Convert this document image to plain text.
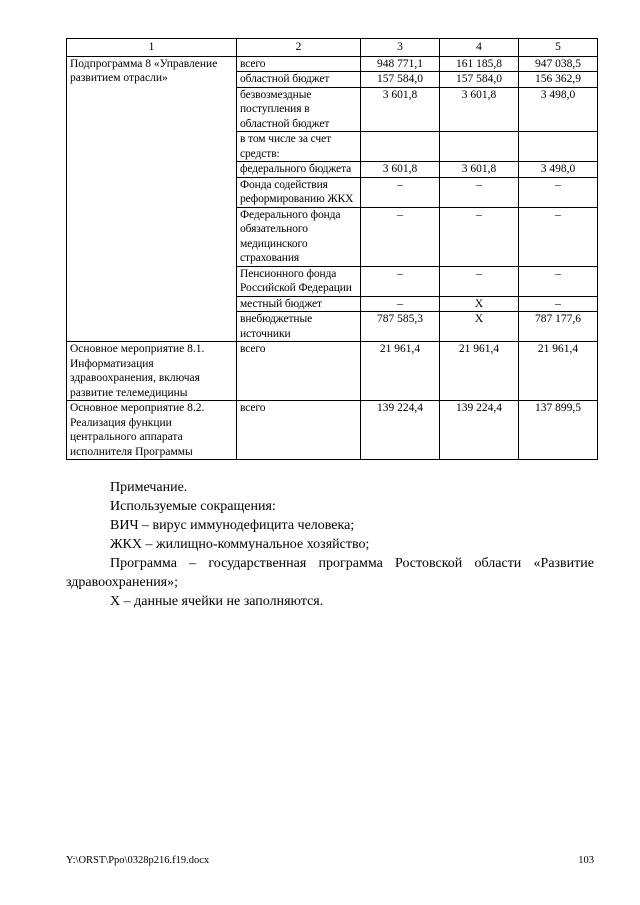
1	2	3	4	5
Подпрограмма 8 «Управление развитием отрасли»	всего	948 771,1	161 185,8	947 038,5
	областной бюджет	157 584,0	157 584,0	156 362,9
	безвозмездные поступления в областной бюджет	3 601,8	3 601,8	3 498,0
	в том числе за счет средств:			
	федерального бюджета	3 601,8	3 601,8	3 498,0
	Фонда содействия реформированию ЖКХ	–	–	–
	Федерального фонда обязательного медицинского страхования	–	–	–
	Пенсионного фонда Российской Федерации	–	–	–
	местный бюджет	–	Х	–
	внебюджетные источники	787 585,3	Х	787 177,6
Основное мероприятие 8.1. Информатизация здравоохранения, включая развитие телемедицины	всего	21 961,4	21 961,4	21 961,4
Основное мероприятие 8.2. Реализация функции центрального аппарата исполнителя Программы	всего	139 224,4	139 224,4	137 899,5

Примечание.

Используемые сокращения:

ВИЧ – вирус иммунодефицита человека;

ЖКХ – жилищно-коммунальное хозяйство;

Программа – государственная программа Ростовской области «Развитие здравоохранения»;

Х – данные ячейки не заполняются.

Y:\ORST\Ppo\0328p216.f19.docx	103
